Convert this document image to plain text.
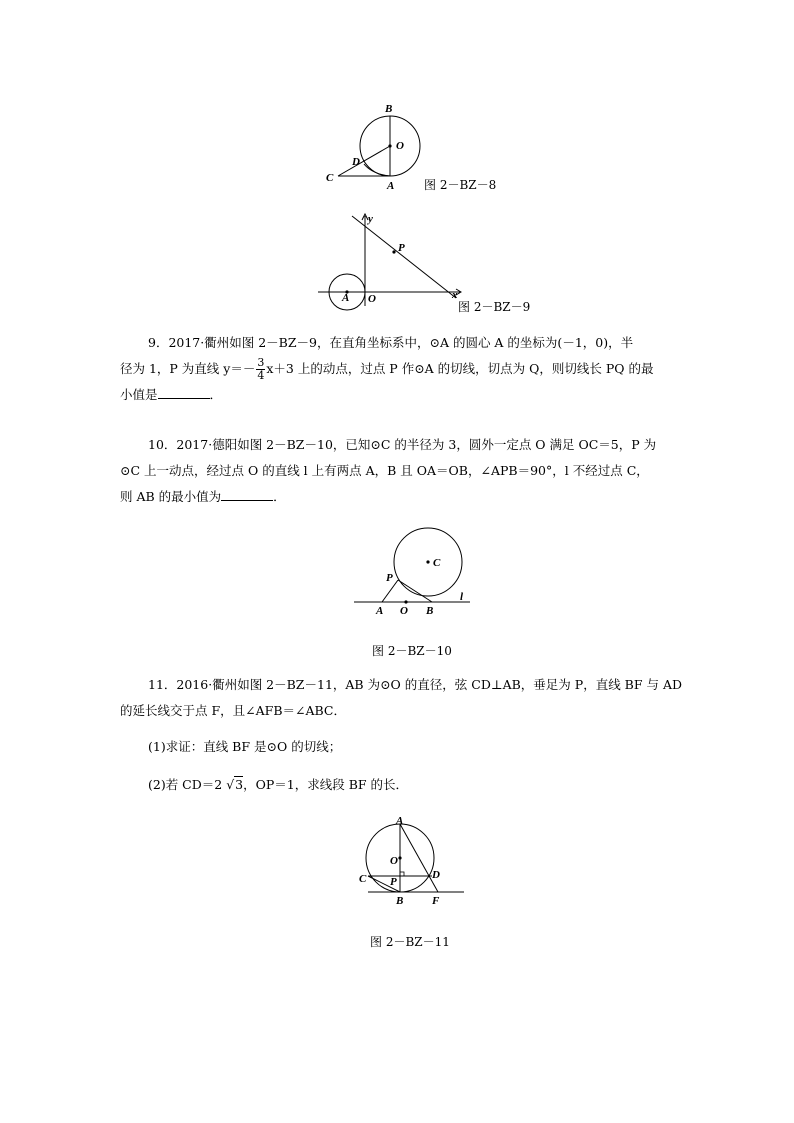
B
O
D
C
A 图 2－BZ－8
y
P
A O	x
图 2－BZ－9
9．2017·衢州如图 2－BZ－9，在直角坐标系中，⊙A 的圆心 A 的坐标为(－1，0)，半
径为 1，P 为直线 $y=- \frac{3}{4} x+3$ 上的动点，过点 P 作⊙A 的切线，切点为 Q，则切线长 PQ 的最
小值是	．
10．2017·德阳如图 2－BZ－10，已知⊙C 的半径为 3，圆外一定点 O 满足 OC＝5，P 为
⊙C 上一动点，经过点 O 的直线 l 上有两点 A，B 且 OA＝OB，∠APB＝90°，l 不经过点 C，
则 AB 的最小值为	．
C
P
A O B
l
图 2－BZ－10
11．2016·衢州如图 2－BZ－11，AB 为⊙O 的直径，弦 CD⊥AB，垂足为 P，直线 BF 与 AD
的延长线交于点 F，且∠AFB＝∠ABC．
(1)求证：直线 BF 是⊙O 的切线；
(2)若 CD＝2 √3，OP＝1，求线段 BF 的长．
A
O
C P
D
B	F
图 2－BZ－11
